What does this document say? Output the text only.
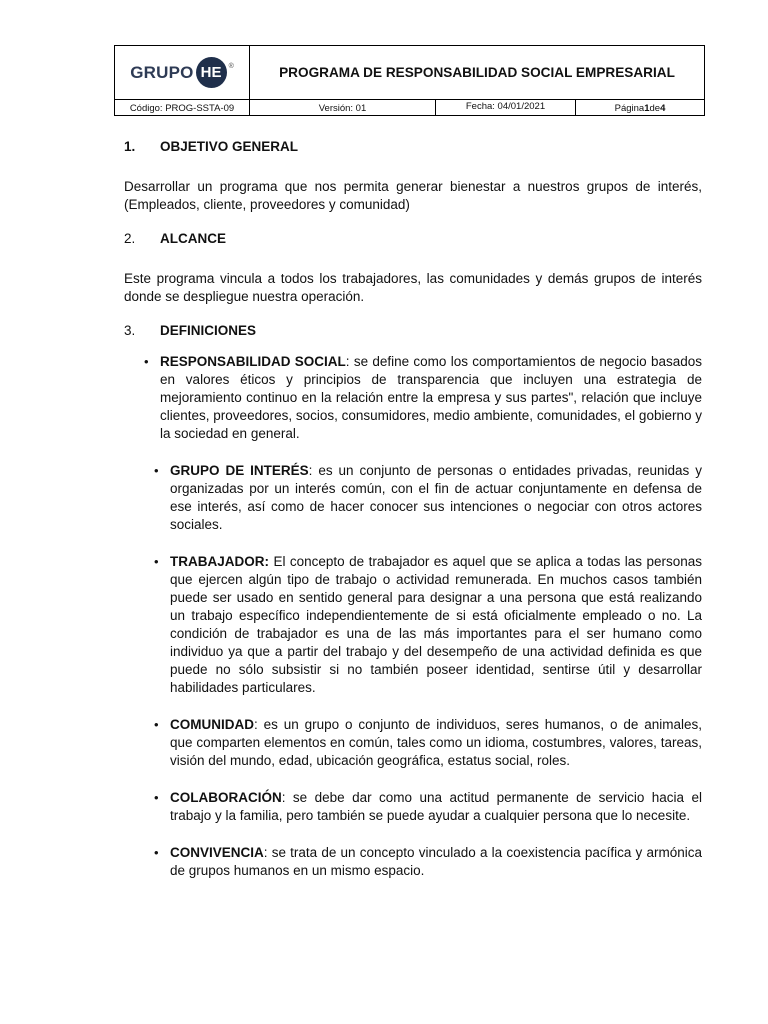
GRUPO HE	®	PROGRAMA DE RESPONSABILIDAD SOCIAL EMPRESARIAL
Código: PROG-SSTA-09	Versión: 01	Fecha: 04/01/2021	Página 1 de 4
1.	OBJETIVO GENERAL

Desarrollar un programa que nos permita generar bienestar a nuestros grupos de interés, (Empleados, cliente, proveedores y comunidad)

2.	ALCANCE

Este programa vincula a todos los trabajadores, las comunidades y demás grupos de interés donde se despliegue nuestra operación.

3.	DEFINICIONES
• RESPONSABILIDAD SOCIAL: se define como los comportamientos de negocio basados en valores éticos y principios de transparencia que incluyen una estrategia de mejoramiento continuo en la relación entre la empresa y sus partes", relación que incluye clientes, proveedores, socios, consumidores, medio ambiente, comunidades, el gobierno y la sociedad en general.
• GRUPO DE INTERÉS: es un conjunto de personas o entidades privadas, reunidas y organizadas por un interés común, con el fin de actuar conjuntamente en defensa de ese interés, así como de hacer conocer sus intenciones o negociar con otros actores sociales.
• TRABAJADOR: El concepto de trabajador es aquel que se aplica a todas las personas que ejercen algún tipo de trabajo o actividad remunerada. En muchos casos también puede ser usado en sentido general para designar a una persona que está realizando un trabajo específico independientemente de si está oficialmente empleado o no. La condición de trabajador es una de las más importantes para el ser humano como individuo ya que a partir del trabajo y del desempeño de una actividad definida es que puede no sólo subsistir si no también poseer identidad, sentirse útil y desarrollar habilidades particulares.
• COMUNIDAD: es un grupo o conjunto de individuos, seres humanos, o de animales, que comparten elementos en común, tales como un idioma, costumbres, valores, tareas, visión del mundo, edad, ubicación geográfica, estatus social, roles.
• COLABORACIÓN: se debe dar como una actitud permanente de servicio hacia el trabajo y la familia, pero también se puede ayudar a cualquier persona que lo necesite.
• CONVIVENCIA: se trata de un concepto vinculado a la coexistencia pacífica y armónica de grupos humanos en un mismo espacio.
